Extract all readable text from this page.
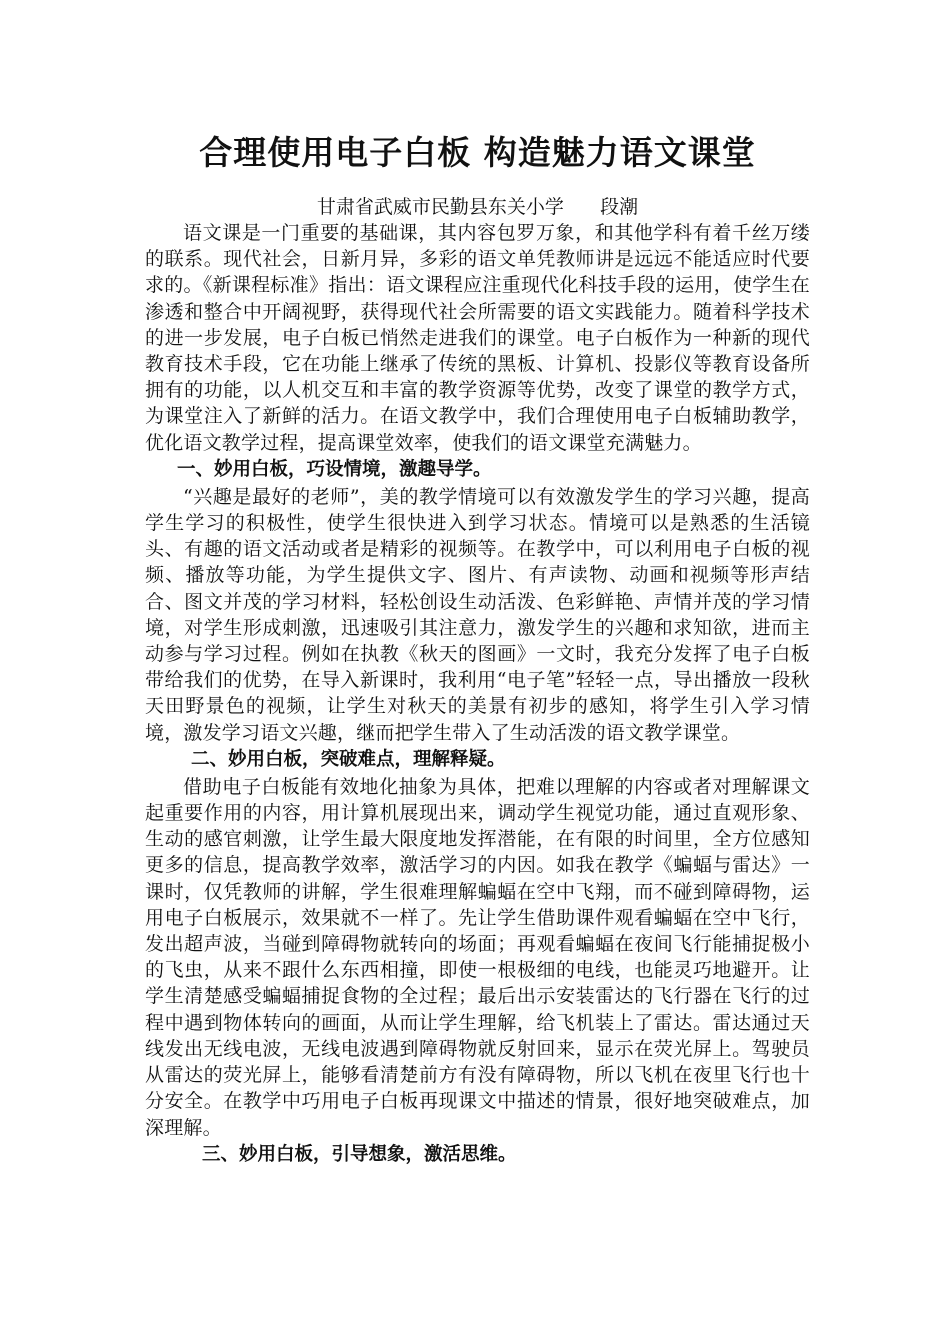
合理使用电子白板 构造魅力语文课堂
甘肃省武威市民勤县东关小学      段潮

语文课是一门重要的基础课，其内容包罗万象，和其他学科有着千丝万缕的联系。现代社会，日新月异，多彩的语文单凭教师讲是远远不能适应时代要求的。《新课程标准》指出：语文课程应注重现代化科技手段的运用，使学生在渗透和整合中开阔视野，获得现代社会所需要的语文实践能力。随着科学技术的进一步发展，电子白板已悄然走进我们的课堂。电子白板作为一种新的现代教育技术手段，它在功能上继承了传统的黑板、计算机、投影仪等教育设备所拥有的功能，以人机交互和丰富的教学资源等优势，改变了课堂的教学方式，为课堂注入了新鲜的活力。在语文教学中，我们合理使用电子白板辅助教学，优化语文教学过程，提高课堂效率，使我们的语文课堂充满魅力。

一、妙用白板，巧设情境，激趣导学。

“兴趣是最好的老师”，美的教学情境可以有效激发学生的学习兴趣，提高学生学习的积极性，使学生很快进入到学习状态。情境可以是熟悉的生活镜头、有趣的语文活动或者是精彩的视频等。在教学中，可以利用电子白板的视频、播放等功能，为学生提供文字、图片、有声读物、动画和视频等形声结合、图文并茂的学习材料，轻松创设生动活泼、色彩鲜艳、声情并茂的学习情境，对学生形成刺激，迅速吸引其注意力，激发学生的兴趣和求知欲，进而主动参与学习过程。例如在执教《秋天的图画》一文时，我充分发挥了电子白板带给我们的优势，在导入新课时，我利用“电子笔”轻轻一点，导出播放一段秋天田野景色的视频，让学生对秋天的美景有初步的感知，将学生引入学习情境，激发学习语文兴趣，继而把学生带入了生动活泼的语文教学课堂。

二、妙用白板，突破难点，理解释疑。

借助电子白板能有效地化抽象为具体，把难以理解的内容或者对理解课文起重要作用的内容，用计算机展现出来，调动学生视觉功能，通过直观形象、生动的感官刺激，让学生最大限度地发挥潜能，在有限的时间里，全方位感知更多的信息，提高教学效率，激活学习的内因。如我在教学《蝙蝠与雷达》一课时，仅凭教师的讲解，学生很难理解蝙蝠在空中飞翔，而不碰到障碍物，运用电子白板展示，效果就不一样了。先让学生借助课件观看蝙蝠在空中飞行，发出超声波，当碰到障碍物就转向的场面；再观看蝙蝠在夜间飞行能捕捉极小的飞虫，从来不跟什么东西相撞，即使一根极细的电线，也能灵巧地避开。让学生清楚感受蝙蝠捕捉食物的全过程；最后出示安装雷达的飞行器在飞行的过程中遇到物体转向的画面，从而让学生理解，给飞机装上了雷达。雷达通过天线发出无线电波，无线电波遇到障碍物就反射回来，显示在荧光屏上。驾驶员从雷达的荧光屏上，能够看清楚前方有没有障碍物，所以飞机在夜里飞行也十分安全。在教学中巧用电子白板再现课文中描述的情景，很好地突破难点，加深理解。

三、妙用白板，引导想象，激活思维。
